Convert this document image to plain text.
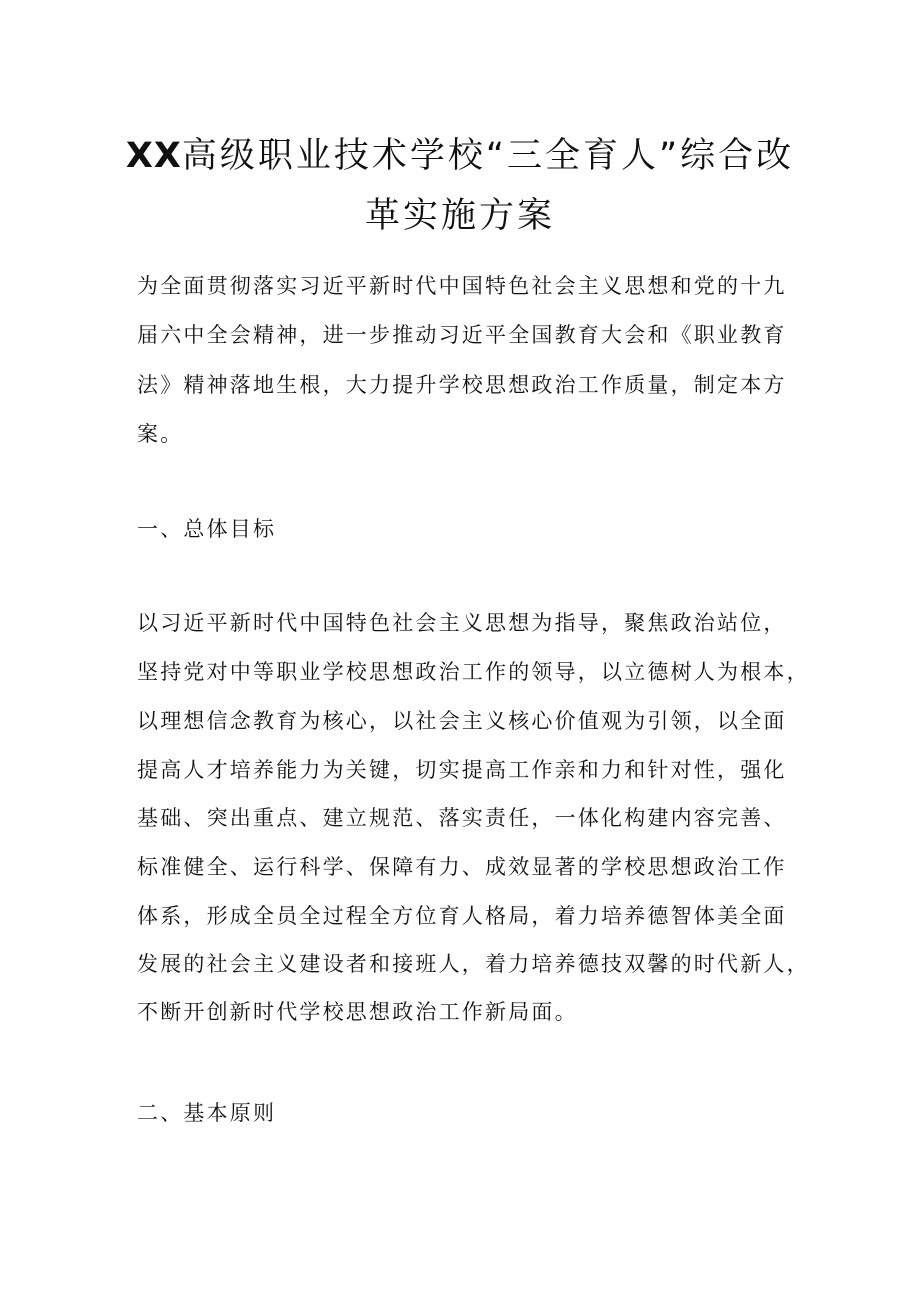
XX高级职业技术学校“三全育人”综合改
革实施方案

为全面贯彻落实习近平新时代中国特色社会主义思想和党的十九

届六中全会精神，进一步推动习近平全国教育大会和《职业教育

法》精神落地生根，大力提升学校思想政治工作质量，制定本方

案。

一、总体目标

以习近平新时代中国特色社会主义思想为指导，聚焦政治站位，

坚持党对中等职业学校思想政治工作的领导，以立德树人为根本，

以理想信念教育为核心，以社会主义核心价值观为引领，以全面

提高人才培养能力为关键，切实提高工作亲和力和针对性，强化

基础、突出重点、建立规范、落实责任，一体化构建内容完善、

标准健全、运行科学、保障有力、成效显著的学校思想政治工作

体系，形成全员全过程全方位育人格局，着力培养德智体美全面

发展的社会主义建设者和接班人，着力培养德技双馨的时代新人，

不断开创新时代学校思想政治工作新局面。

二、基本原则
